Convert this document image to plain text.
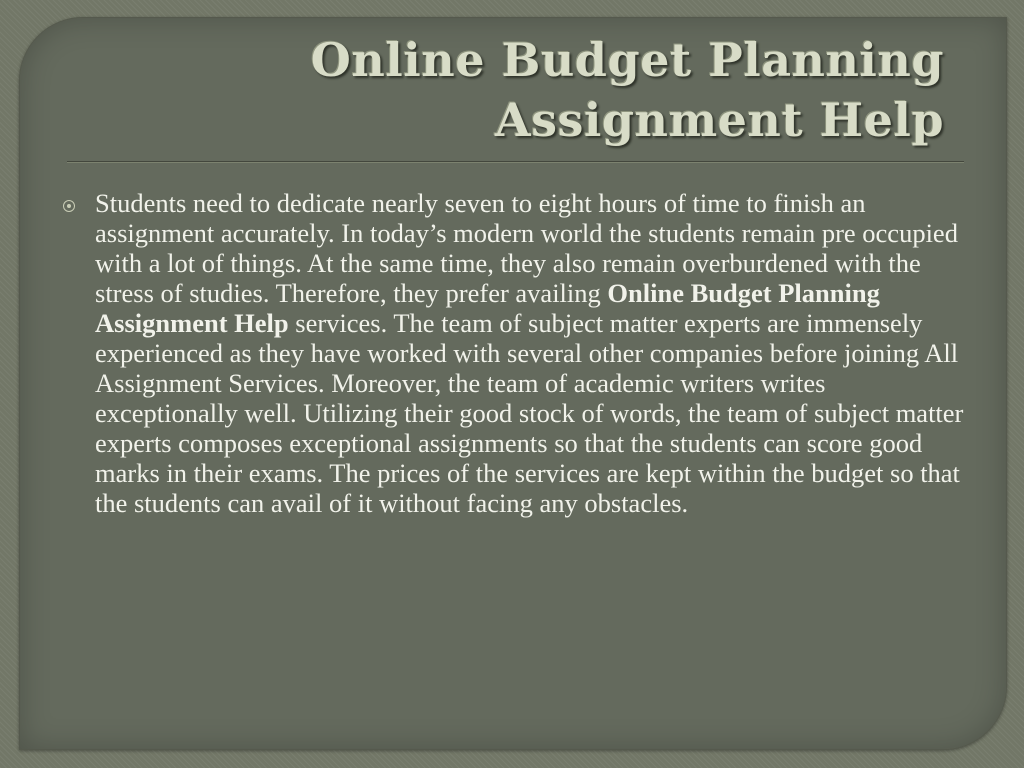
Online Budget Planning
Assignment Help

Students need to dedicate nearly seven to eight hours of time to finish an assignment accurately. In today’s modern world the students remain pre occupied with a lot of things. At the same time, they also remain overburdened with the stress of studies. Therefore, they prefer availing Online Budget Planning Assignment Help services. The team of subject matter experts are immensely experienced as they have worked with several other companies before joining All Assignment Services. Moreover, the team of academic writers writes exceptionally well. Utilizing their good stock of words, the team of subject matter experts composes exceptional assignments so that the students can score good marks in their exams. The prices of the services are kept within the budget so that the students can avail of it without facing any obstacles.
